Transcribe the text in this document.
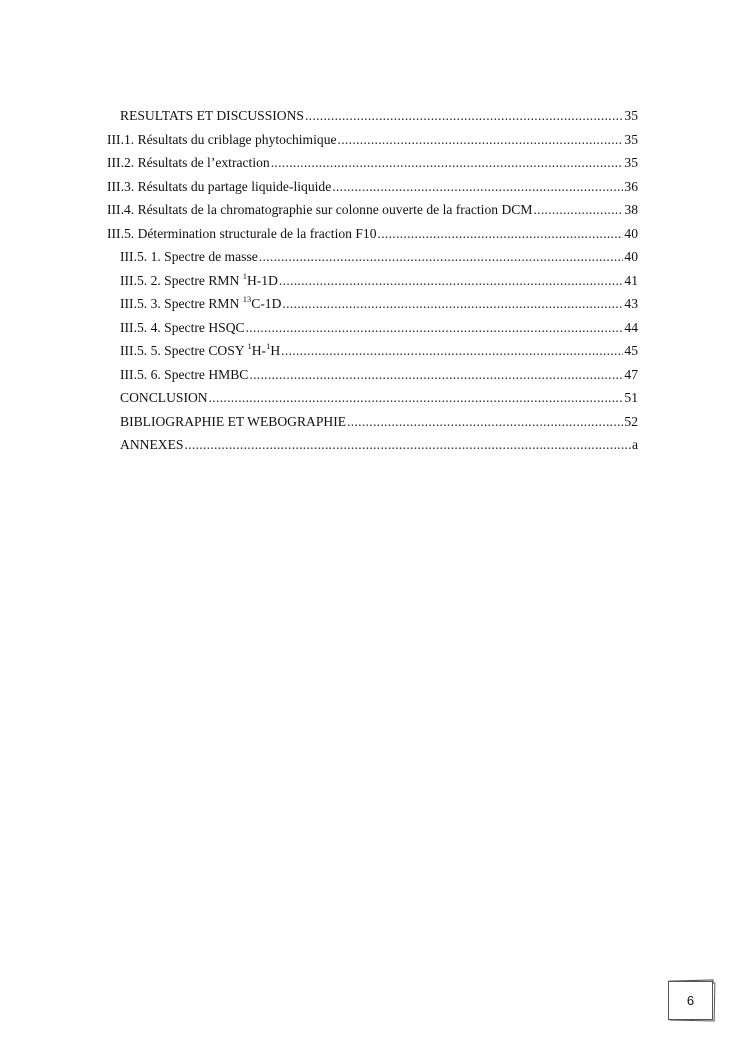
RESULTATS ET DISCUSSIONS .....	35
III.1. Résultats du criblage phytochimique .....	35
III.2. Résultats de l’extraction .....	35
III.3. Résultats du partage liquide-liquide .....	36
III.4. Résultats de la chromatographie sur colonne ouverte de la fraction DCM .....	38
III.5. Détermination structurale de la fraction F10 .....	40
III.5. 1. Spectre de masse .....	40
III.5. 2. Spectre RMN $^1$H-1D .....	41
III.5. 3. Spectre RMN $^{13}$C-1D .....	43
III.5. 4. Spectre HSQC .....	44
III.5. 5. Spectre COSY $^1$H-$^1$H .....	45
III.5. 6. Spectre HMBC .....	47
CONCLUSION .....	51
BIBLIOGRAPHIE ET WEBOGRAPHIE .....	52
ANNEXES .....	a
6
